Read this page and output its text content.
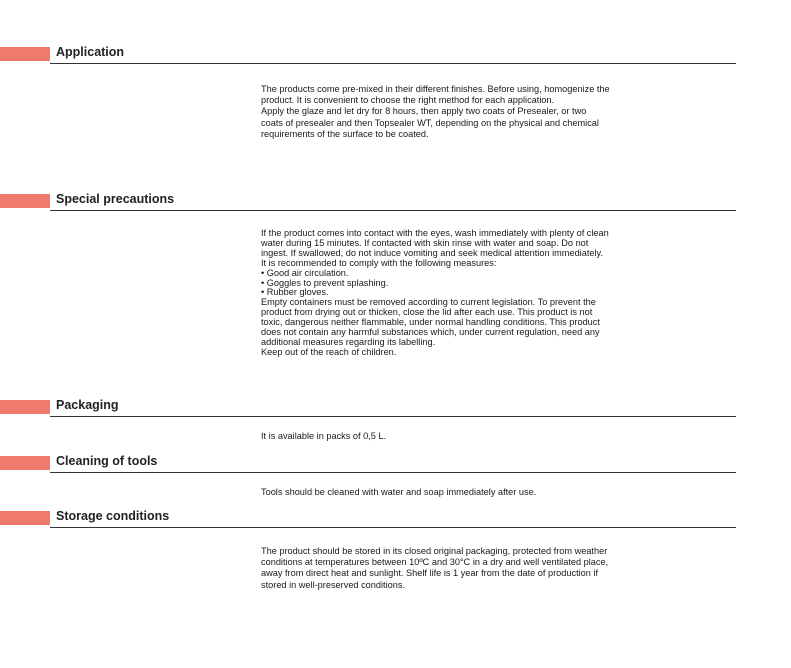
Application

The products come pre-mixed in their different finishes. Before using, homogenize the

product. It is convenient to choose the right method for each application.

Apply the glaze and let dry for 8 hours, then apply two coats of Presealer, or two

coats of presealer and then Topsealer WT, depending on the physical and chemical

requirements of the surface to be coated.

Special precautions

If the product comes into contact with the eyes, wash immediately with plenty of clean

water during 15 minutes. If contacted with skin rinse with water and soap. Do not

ingest. If swallowed, do not induce vomiting and seek medical attention immediately.

It is recommended to comply with the following measures:

• Good air circulation.

• Goggles to prevent splashing.

• Rubber gloves.

Empty containers must be removed according to current legislation. To prevent the

product from drying out or thicken, close the lid after each use. This product is not

toxic, dangerous neither flammable, under normal handling conditions. This product

does not contain any harmful substances which, under current regulation, need any

additional measures regarding its labelling.

Keep out of the reach of children.

Packaging

It is available in packs of 0,5 L.

Cleaning of tools

Tools should be cleaned with water and soap immediately after use.

Storage conditions

The product should be stored in its closed original packaging, protected from weather

conditions at temperatures between 10ºC and 30°C in a dry and well ventilated place,

away from direct heat and sunlight. Shelf life is 1 year from the date of production if

stored in well-preserved conditions.
